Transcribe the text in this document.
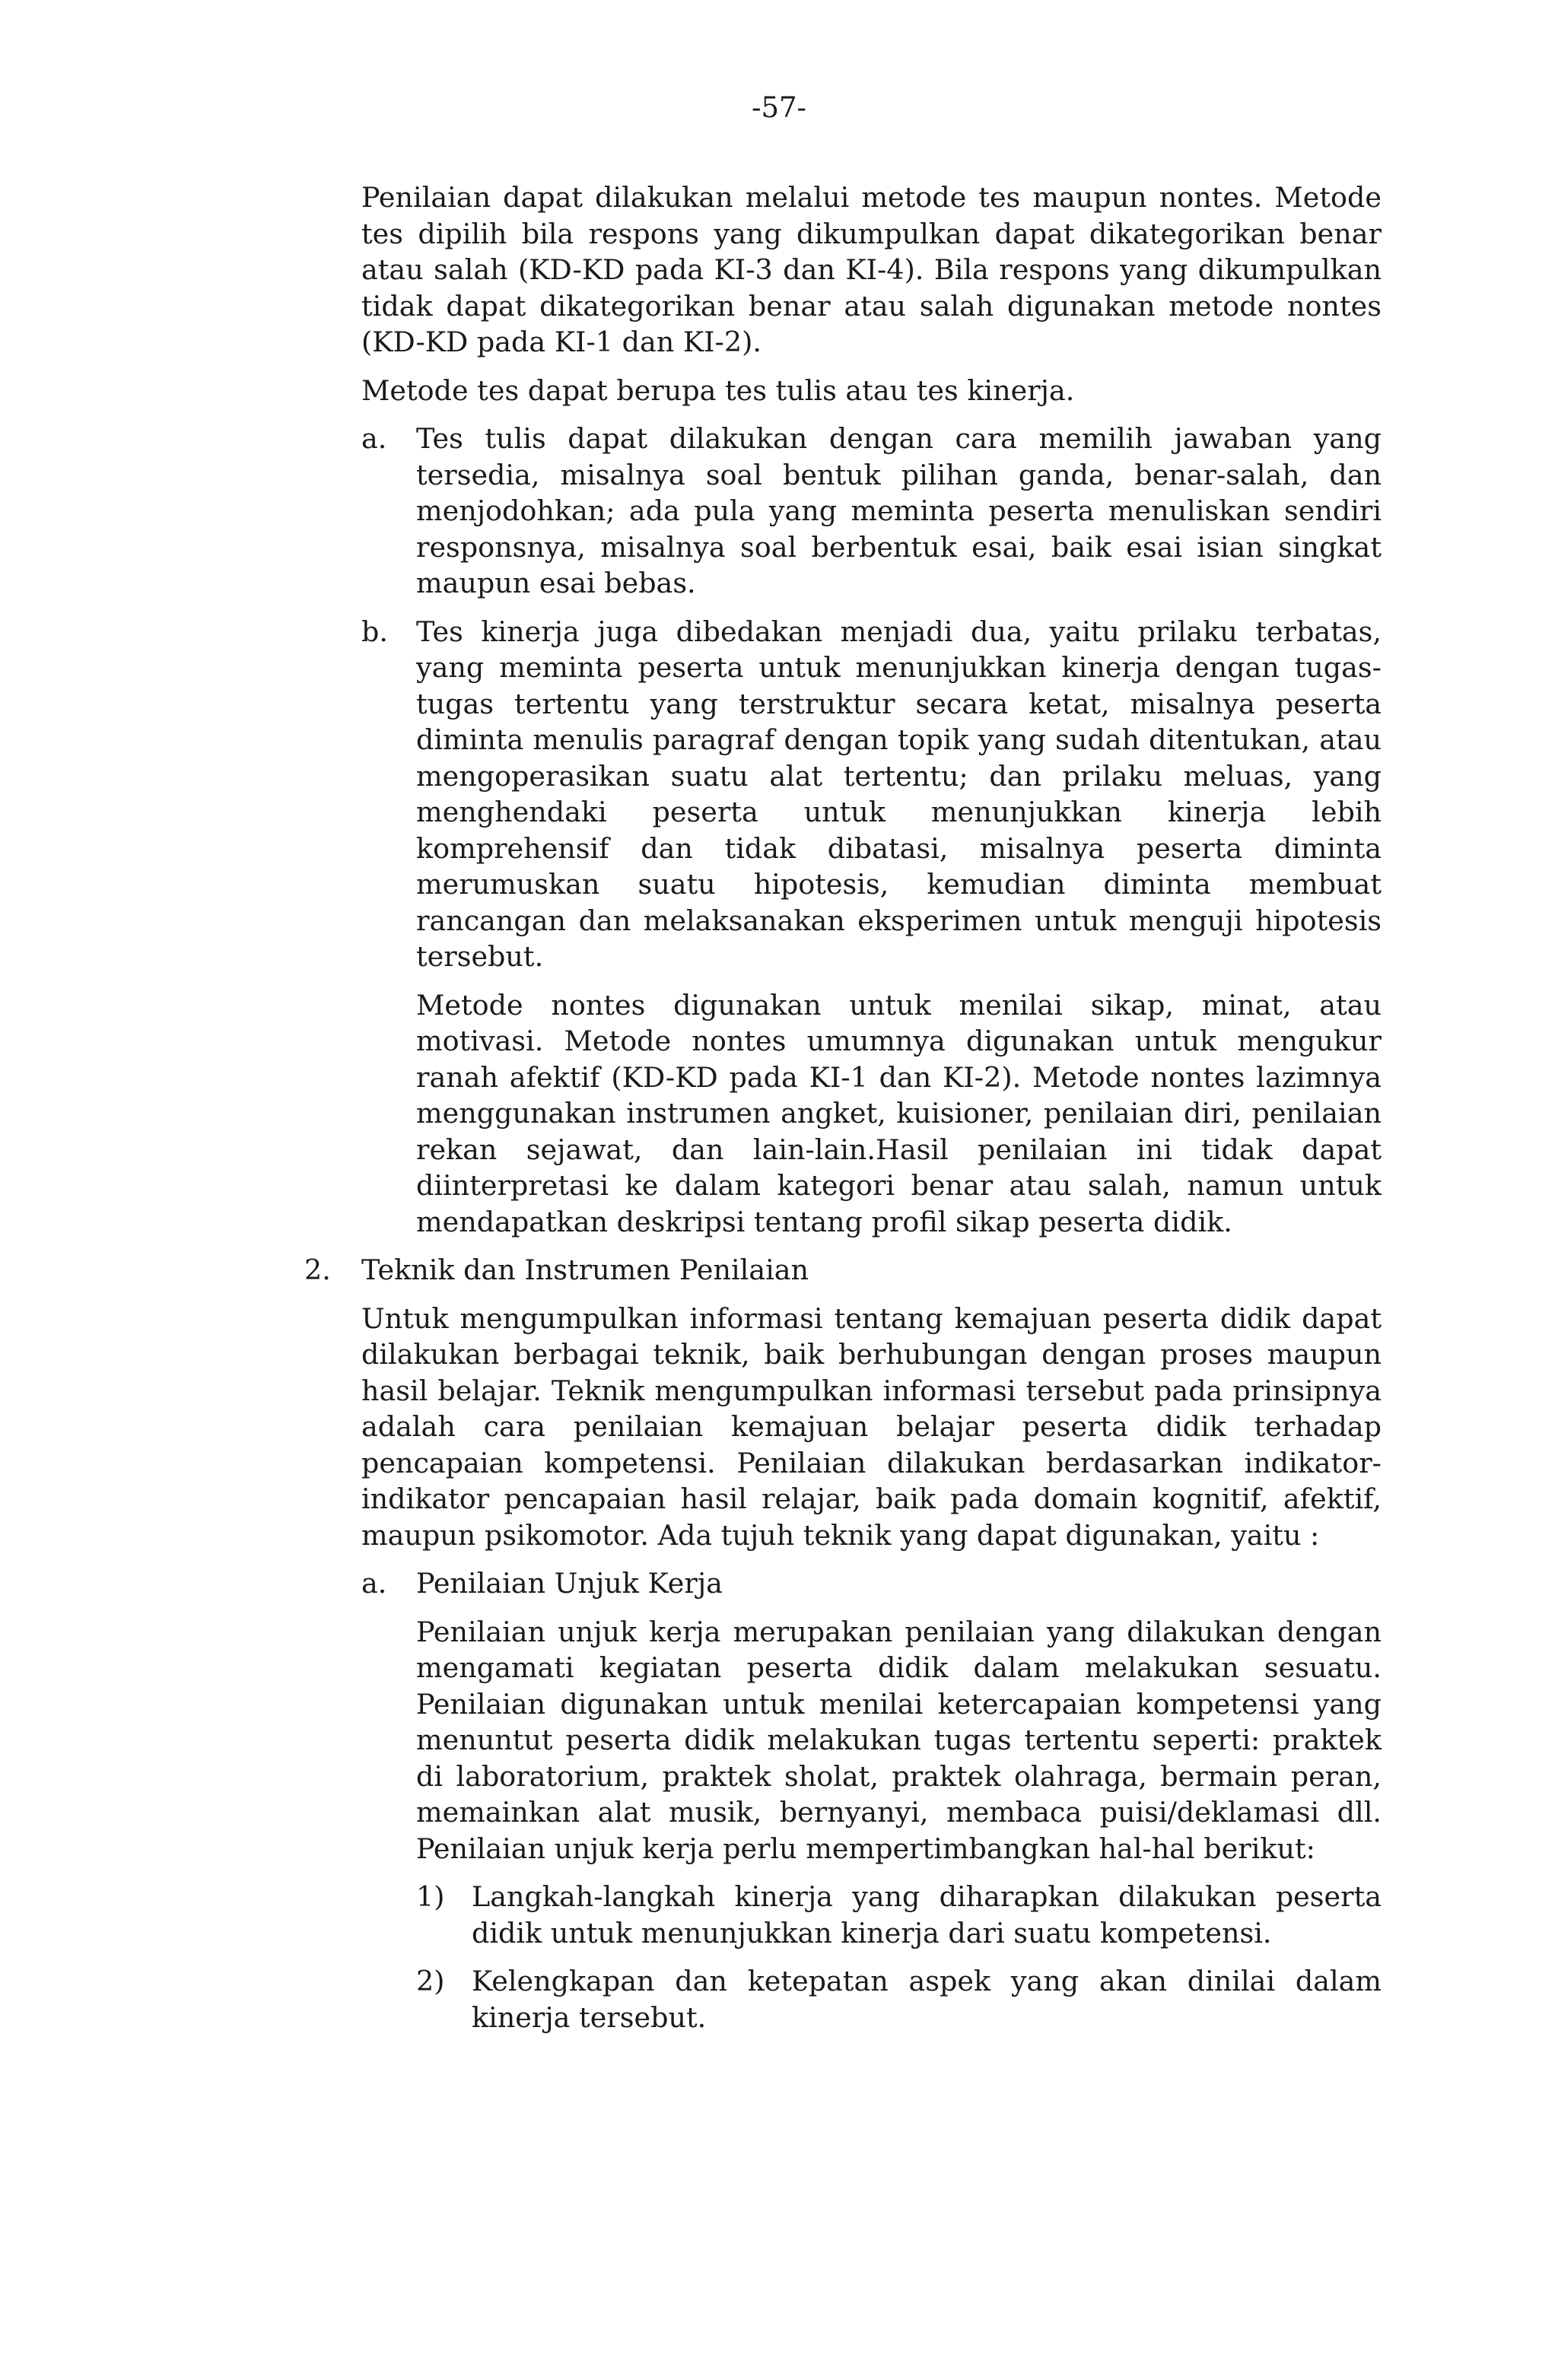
-57-

Penilaian dapat dilakukan melalui metode tes maupun nontes. Metode tes dipilih bila respons yang dikumpulkan dapat dikategorikan benar atau salah (KD-KD pada KI-3 dan KI-4). Bila respons yang dikumpulkan tidak dapat dikategorikan benar atau salah digunakan metode nontes (KD-KD pada KI-1 dan KI-2).

Metode tes dapat berupa tes tulis atau tes kinerja.

a. Tes tulis dapat dilakukan dengan cara memilih jawaban yang tersedia, misalnya soal bentuk pilihan ganda, benar-salah, dan menjodohkan; ada pula yang meminta peserta menuliskan sendiri responsnya, misalnya soal berbentuk esai, baik esai isian singkat maupun esai bebas.

b. Tes kinerja juga dibedakan menjadi dua, yaitu prilaku terbatas, yang meminta peserta untuk menunjukkan kinerja dengan tugas-tugas tertentu yang terstruktur secara ketat, misalnya peserta diminta menulis paragraf dengan topik yang sudah ditentukan, atau mengoperasikan suatu alat tertentu; dan prilaku meluas, yang menghendaki peserta untuk menunjukkan kinerja lebih komprehensif dan tidak dibatasi, misalnya peserta diminta merumuskan suatu hipotesis, kemudian diminta membuat rancangan dan melaksanakan eksperimen untuk menguji hipotesis tersebut.

Metode nontes digunakan untuk menilai sikap, minat, atau motivasi. Metode nontes umumnya digunakan untuk mengukur ranah afektif (KD-KD pada KI-1 dan KI-2). Metode nontes lazimnya menggunakan instrumen angket, kuisioner, penilaian diri, penilaian rekan sejawat, dan lain-lain.Hasil penilaian ini tidak dapat diinterpretasi ke dalam kategori benar atau salah, namun untuk mendapatkan deskripsi tentang profil sikap peserta didik.

2. Teknik dan Instrumen Penilaian

Untuk mengumpulkan informasi tentang kemajuan peserta didik dapat dilakukan berbagai teknik, baik berhubungan dengan proses maupun hasil belajar. Teknik mengumpulkan informasi tersebut pada prinsipnya adalah cara penilaian kemajuan belajar peserta didik terhadap pencapaian kompetensi. Penilaian dilakukan berdasarkan indikator-indikator pencapaian hasil relajar, baik pada domain kognitif, afektif, maupun psikomotor. Ada tujuh teknik yang dapat digunakan, yaitu :

a. Penilaian Unjuk Kerja

Penilaian unjuk kerja merupakan penilaian yang dilakukan dengan mengamati kegiatan peserta didik dalam melakukan sesuatu. Penilaian digunakan untuk menilai ketercapaian kompetensi yang menuntut peserta didik melakukan tugas tertentu seperti: praktek di laboratorium, praktek sholat, praktek olahraga, bermain peran, memainkan alat musik, bernyanyi, membaca puisi/deklamasi dll. Penilaian unjuk kerja perlu mempertimbangkan hal-hal berikut:

1) Langkah-langkah kinerja yang diharapkan dilakukan peserta didik untuk menunjukkan kinerja dari suatu kompetensi.

2) Kelengkapan dan ketepatan aspek yang akan dinilai dalam kinerja tersebut.
